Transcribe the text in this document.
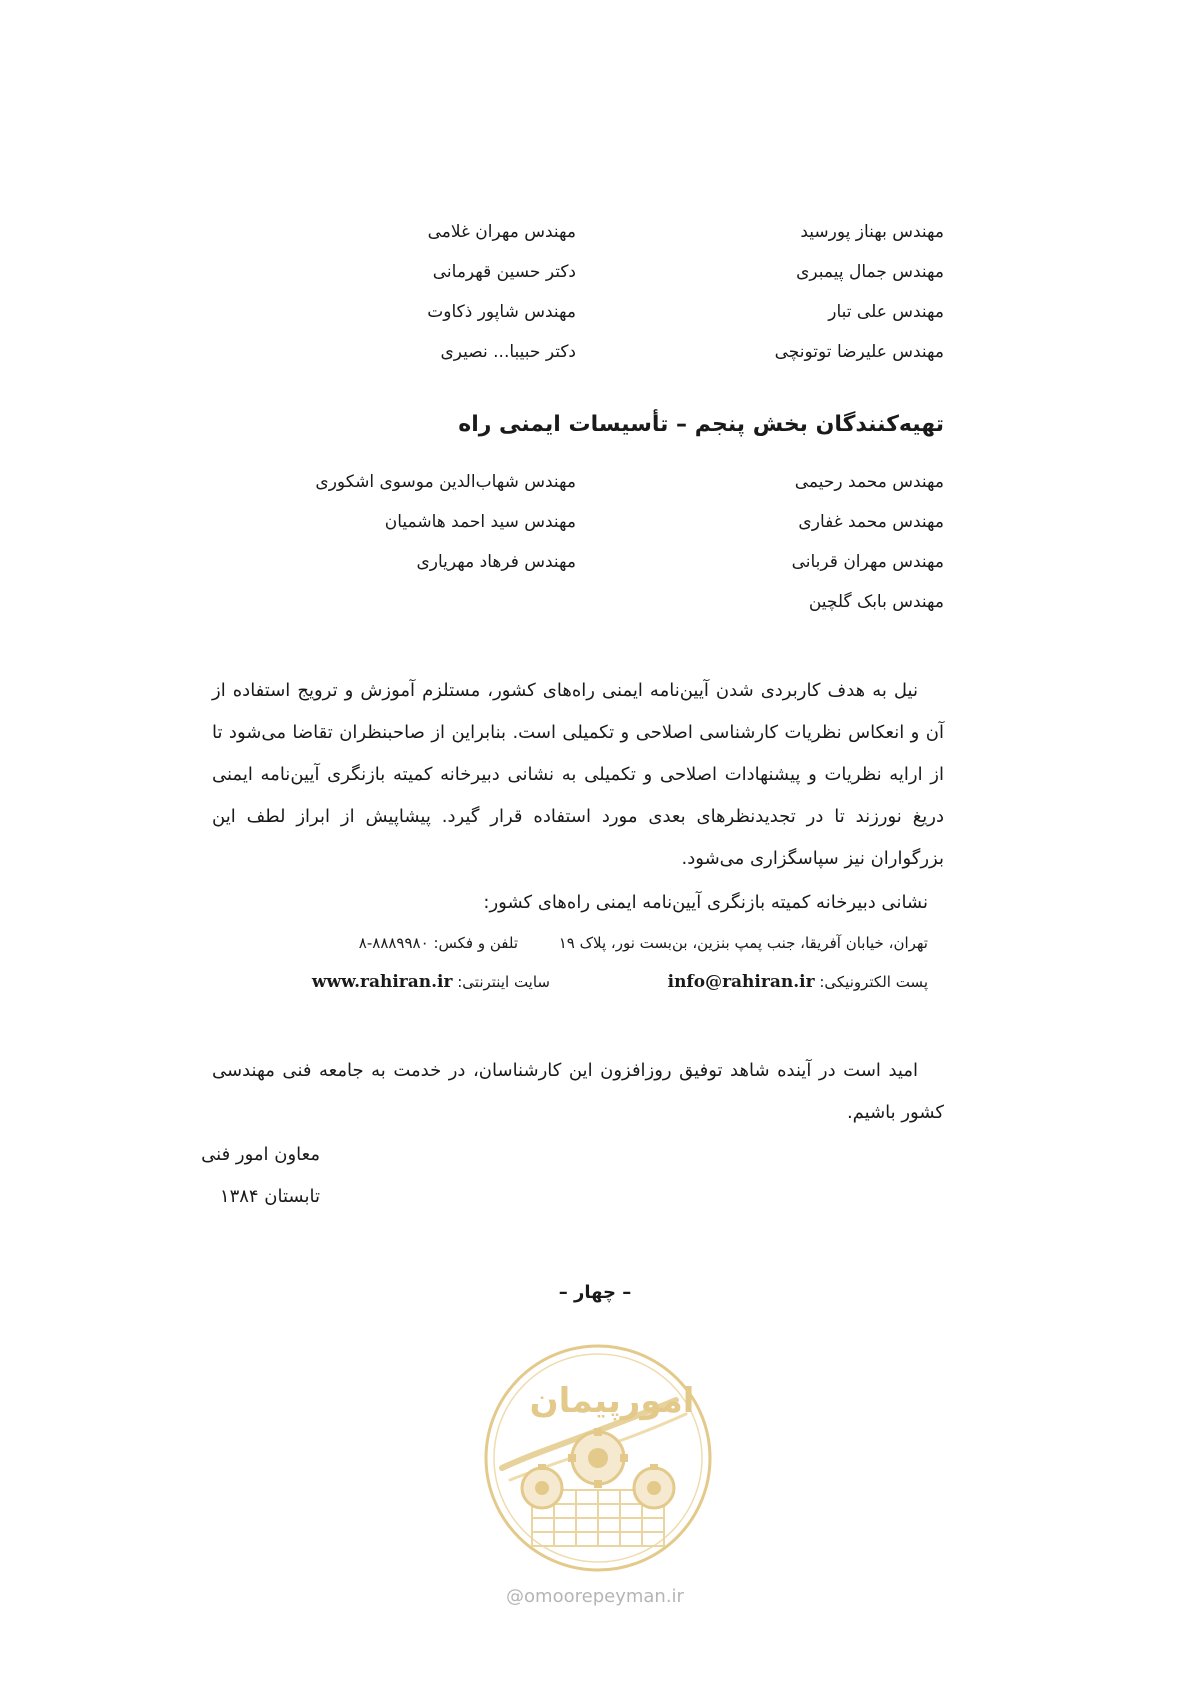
مهندس بهناز پورسید
مهندس جمال پیمبری
مهندس علی تبار
مهندس علیرضا توتونچی
مهندس مهران غلامی
دکتر حسین قهرمانی
مهندس شاپور ذکاوت
دکتر حبیبا... نصیری
تهیه‌کنندگان بخش پنجم – تأسیسات ایمنی راه
مهندس محمد رحیمی
مهندس محمد غفاری
مهندس مهران قربانی
مهندس بابک گلچین
مهندس شهاب‌الدین موسوی اشکوری
مهندس سید احمد هاشمیان
مهندس فرهاد مهریاری

نیل به هدف کاربردی شدن آیین‌نامه ایمنی راه‌های کشور، مستلزم آموزش و ترویج استفاده از آن و انعکاس نظریات کارشناسی اصلاحی و تکمیلی است. بنابراین از صاحبنظران تقاضا می‌شود تا از ارایه نظریات و پیشنهادات اصلاحی و تکمیلی به نشانی دبیرخانه کمیته بازنگری آیین‌نامه ایمنی دریغ نورزند تا در تجدیدنظرهای بعدی مورد استفاده قرار گیرد. پیشاپیش از ابراز لطف این بزرگواران نیز سپاسگزاری می‌شود.

نشانی دبیرخانه کمیته بازنگری آیین‌نامه ایمنی راه‌های کشور:
تهران، خیابان آفریقا، جنب پمپ بنزین، بن‌بست نور، پلاک ۱۹
تلفن و فکس: ۸۸۸۹۹۸۰-۸
پست الکترونیکی: info@rahiran.ir
سایت اینترنتی: www.rahiran.ir

امید است در آینده شاهد توفیق روزافزون این کارشناسان، در خدمت به جامعه فنی مهندسی کشور باشیم.

معاون امور فنی
تابستان ۱۳۸۴
– چهار –
امورپیمان
@omoorepeyman.ir
